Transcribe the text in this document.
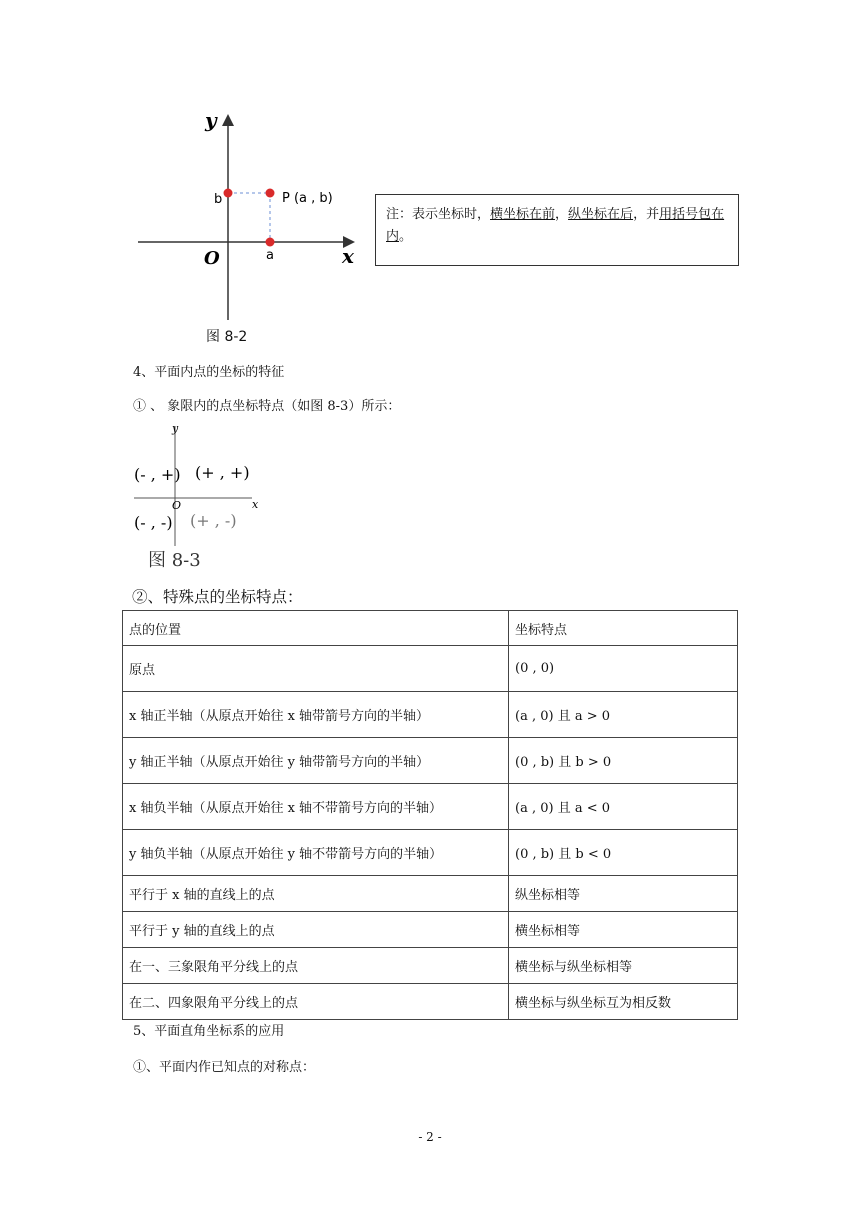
y
x
O
b
a
P (a , b)
图 8-2
注：表示坐标时，横坐标在前，纵坐标在后，并用括号包在内。
4、平面内点的坐标的特征
① 、 象限内的点坐标特点（如图 8-3）所示：
y
x
O
(- , +) (+ , +)
(- , -) (+ , -)
图 8-3
②、特殊点的坐标特点：
点的位置	坐标特点
原点	(0 , 0)
x 轴正半轴（从原点开始往 x 轴带箭号方向的半轴）	(a , 0) 且 a > 0
y 轴正半轴（从原点开始往 y 轴带箭号方向的半轴）	(0 , b) 且 b > 0
x 轴负半轴（从原点开始往 x 轴不带箭号方向的半轴）	(a , 0) 且 a < 0
y 轴负半轴（从原点开始往 y 轴不带箭号方向的半轴）	(0 , b) 且 b < 0
平行于 x 轴的直线上的点	纵坐标相等
平行于 y 轴的直线上的点	横坐标相等
在一、三象限角平分线上的点	横坐标与纵坐标相等
在二、四象限角平分线上的点	横坐标与纵坐标互为相反数
5、平面直角坐标系的应用
①、平面内作已知点的对称点：
- 2 -
